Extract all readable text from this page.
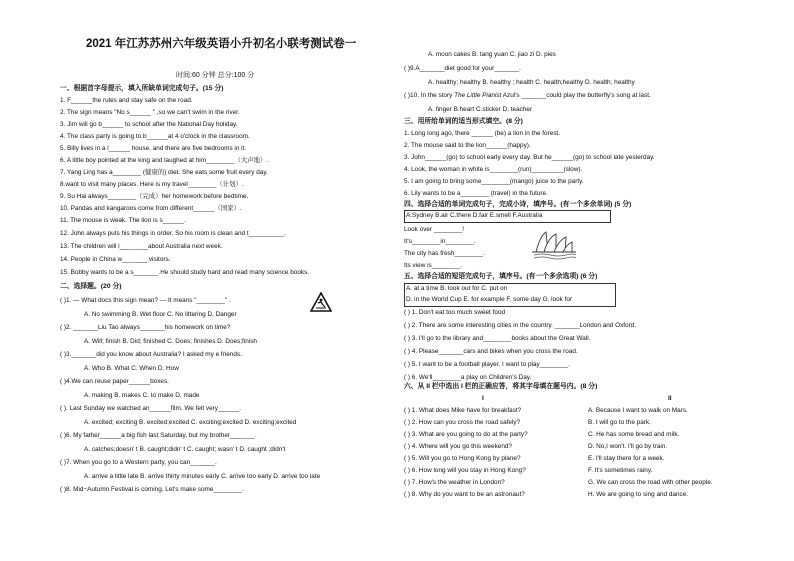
2021 年江苏苏州六年级英语小升初名小联考测试卷一
时间:60 分钟 总分:100 分
一、根据首字母提示，填入所缺单词完成句子。(15 分)
1. F______the rules and stay safe on the road.
2. The sign means "No s______ " ,so we can't swim in the river.
3. Jim will go b______ to school after the National Day holiday.
4. The class party is going to b______at 4 o'clock in the classroom.
5. Billy lives in a l______ house, and there are five bedrooms in it.
6. A little boy pointed at the king and laughed at him________（大声地）.
7. Yang Ling has a________ (健康的) diet. She eats some fruit every day.
8.want to visit many places. Here is my travel________（计划）.
9. Su Hai always________（完成）her homework before bedtime.
10. Pandas and kangaroos come from different______（国家）.
11. The mouse is weak. The lion is s______.
12. John always puts his things in order. So his room is clean and t__________.
13. The children will l________about Australia next week.
14. People in China w_______ visitors.
15. Bobby wants to be a s_______.He should study hard and read many science books.
二、选择题。(20 分)
( )1. — What docs this sign mean? — It means "________" .
A. No swimming B. Wet floor C. No littering D. Danger
( )2. _______Liu Tao always_______his homework on time?
A. Will; finish B. Did; finished C. Does; finishes D. Does;finish
( )3._______did you know about Australia? I asked my e friends.
A. Who B. What C. When D. How
( )4.We can reuse paper______boxes.
A. making B. makes C. to make D. made
( ). Last Sunday we watched an______film. We felt very______.
A. excited; exciting B. excited;excited C. exciting;excited D. exciting;excited
( )6. My father______a big fish last Saturday, but my brother_______.
A. catches;doesn' t B. caught;didn' t C. caught; wasn' t D. caught ;didn't
( )7. When you go to a Western party, you can_______.
A. arrive a little late B. arrive thirty minutes early C. arrive too early D. arrive too late
( )8. Mid−Autumn Festival is coming. Let's make some________.
A. moon cakes B. tang yuan C. jiao zi D. pies
( )9.A_______diet good for your_______.
A. healthy; healthy B. healthy ; health C. health;healthy D. health; healthy
( )10. In the story The Little Pianist Azul's _______could play the butterfly's song at last.
A. finger B.heart C.sticker D. teacher
三、用所给单词的适当形式填空。(8 分)
1. Long long ago, there ______ (be) a lion in the forest.
2. The mouse said to the lion______(happy).
3. John______(go) to school early every day. But he______(go) to school late yesterday.
4. Look, the woman in white is________(run)_________(slow).
5. I am going to bring some________(mango) juice to the party.
6. Lily wants to be a________ (travel) in the future.
四、选择合适的单词完成句子，完成小诗，填序号。(有一个多余单词) (5 分)
A.Sydney B.air C.there D.fair E.smell F.Australia
Look over ________!
It's________in________.
The city has fresh________.
Its view is________.
五、选择合适的短语完成句子，填序号。(有一个多余选项) (6 分)
A. at a time B. look out for C. put on
D. in the World Cup E. for example F. some day G. look for
( ) 1. Don't eat too much sweet food
( ) 2. There are some interesting cities in the country. _______London and Oxford.
( ) 3. I'll go to the library and________books about the Great Wall.
( ) 4. Please_______cars and bikes when you cross the road.
( ) 5. I want to be a football player. I want to play________.
( ) 6. We'll________a play on Children's Day.
六、从 II 栏中选出 I 栏的正确应答，将其字母填在题号内。(8 分)
I	II
( ) 1. What does Mike have for breakfast?
( ) 2. How can you cross the road safely?
( ) 3. What are you going to do at the party?
( ) 4. Where will you go this weekend?
( ) 5. Will you go to Hong Kong by plane?
( ) 6. How long will you stay in Hong Kong?
( ) 7. How's the weather in London?
( ) 8. Why do you want to be an astronaut?
A. Because I want to walk on Mars.
B. I will go to the park.
C. He has some bread and milk.
D. No,I won't. I'll go by train.
E. I'll stay there for a week.
F. It's sometimes rainy.
G. We can cross the road with other people.
H. We are going to sing and dance.
